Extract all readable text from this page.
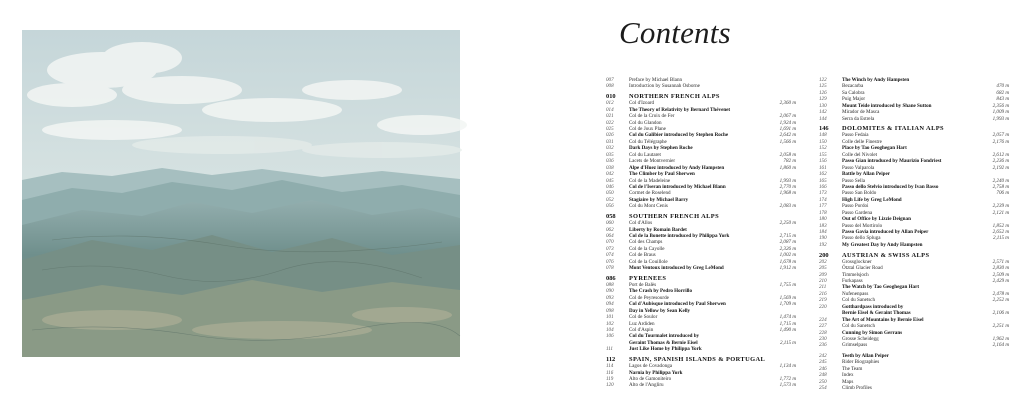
Contents
007	Preface by Michael Blann
008	Introduction by Susannah Osborne
010	NORTHERN FRENCH ALPS
012	Col d'Izoard	2,360 m
014	The Theory of Relativity by Bernard Thévenet
021	Col de la Croix de Fer	2,067 m
022	Col du Glandon	1,924 m
025	Col de Joux Plane	1,691 m
026	Col du Galibier introduced by Stephen Roche	2,642 m
031	Col du Télégraphe	1,566 m
032	Dark Days by Stephen Roche
035	Col du Lautaret	2,058 m
036	Lacets de Montvernier	782 m
038	Alpe d'Huez introduced by Andy Hampsten	1,860 m
042	The Climber by Paul Sherwen
045	Col de la Madeleine	1,993 m
046	Col de l'Iseran introduced by Michael Blann	2,770 m
050	Cormet de Roselend	1,968 m
052	Stagiaire by Michael Barry
056	Col du Mont Cenis	2,083 m
058	SOUTHERN FRENCH ALPS
060	Col d'Allos	2,250 m
062	Liberty by Romain Bardet
064	Col de la Bonette introduced by Philippa York	2,715 m
070	Col des Champs	2,087 m
073	Col de la Cayolle	2,326 m
074	Col de Braus	1,002 m
076	Col de la Couillole	1,678 m
078	Mont Ventoux introduced by Greg LeMond	1,912 m
086	PYRENEES
088	Port de Balès	1,755 m
090	The Crash by Pedro Horrillo
093	Col de Peyresourde	1,569 m
094	Col d'Aubisque introduced by Paul Sherwen	1,709 m
098	Day in Yellow by Sean Kelly
101	Col de Soulor	1,474 m
102	Luz Ardiden	1,715 m
104	Col d'Aspin	1,490 m
106	Col du Tourmalet introduced by
Geraint Thomas & Bernie Eisel	2,115 m
111	Just Like Home by Philippa York
112	SPAIN, SPANISH ISLANDS & PORTUGAL
114	Lagos de Covadonga	1,134 m
116	Narnia by Philippa York
119	Alto de Gamoniteiro	1,772 m
120	Alto de l'Angliru	1,573 m
122	The Winch by Andy Hampsten
125	Bezacarba	470 m
126	Sa Calobra	682 m
129	Puig Major	843 m
130	Mount Teide introduced by Shane Sutton	2,356 m
142	Mirador de Masca	1,009 m
144	Serra da Estrela	1,993 m
146	DOLOMITES & ITALIAN ALPS
148	Passo Fedaia	2,057 m
150	Colle delle Finestre	2,176 m
152	Place by Tao Geoghegan Hart
155	Colle del Nivolet	2,612 m
156	Passo Gian introduced by Maurizio Fondriest	2,236 m
161	Passo Valparola	2,192 m
162	Battle by Allan Peiper
165	Passo Sella	2,240 m
166	Passo dello Stelvio introduced by Ivan Basso	2,758 m
173	Passo San Boldo	706 m
174	High Life by Greg LeMond
177	Passo Pordoi	2,239 m
178	Passo Gardena	2,121 m
180	Out of Office by Lizzie Deignan
183	Passo del Mortirolo	1,852 m
184	Passo Gavia introduced by Allan Peiper	2,652 m
190	Passo dello Spluga	2,115 m
192	My Greatest Day by Andy Hampsten
200	AUSTRIAN & SWISS ALPS
202	Grossglockner	2,571 m
205	Ötztal Glacier Road	2,830 m
209	Timmelsjoch	2,509 m
210	Furkapass	2,429 m
211	The Watch by Tao Geoghegan Hart
216	Nufenenpass	2,478 m
219	Col du Sanetsch	2,252 m
220	Gotthardpass introduced by
Bernie Eisel & Geraint Thomas	2,106 m
224	The Art of Mountains by Bernie Eisel
227	Col du Sanetsch	2,251 m
228	Cunning by Simon Gerrans
230	Grosse Scheidegg	1,962 m
236	Grimselpass	2,164 m
242	Teeth by Allan Peiper
245	Rider Biographies
246	The Team
248	Index
250	Maps
254	Climb Profiles
